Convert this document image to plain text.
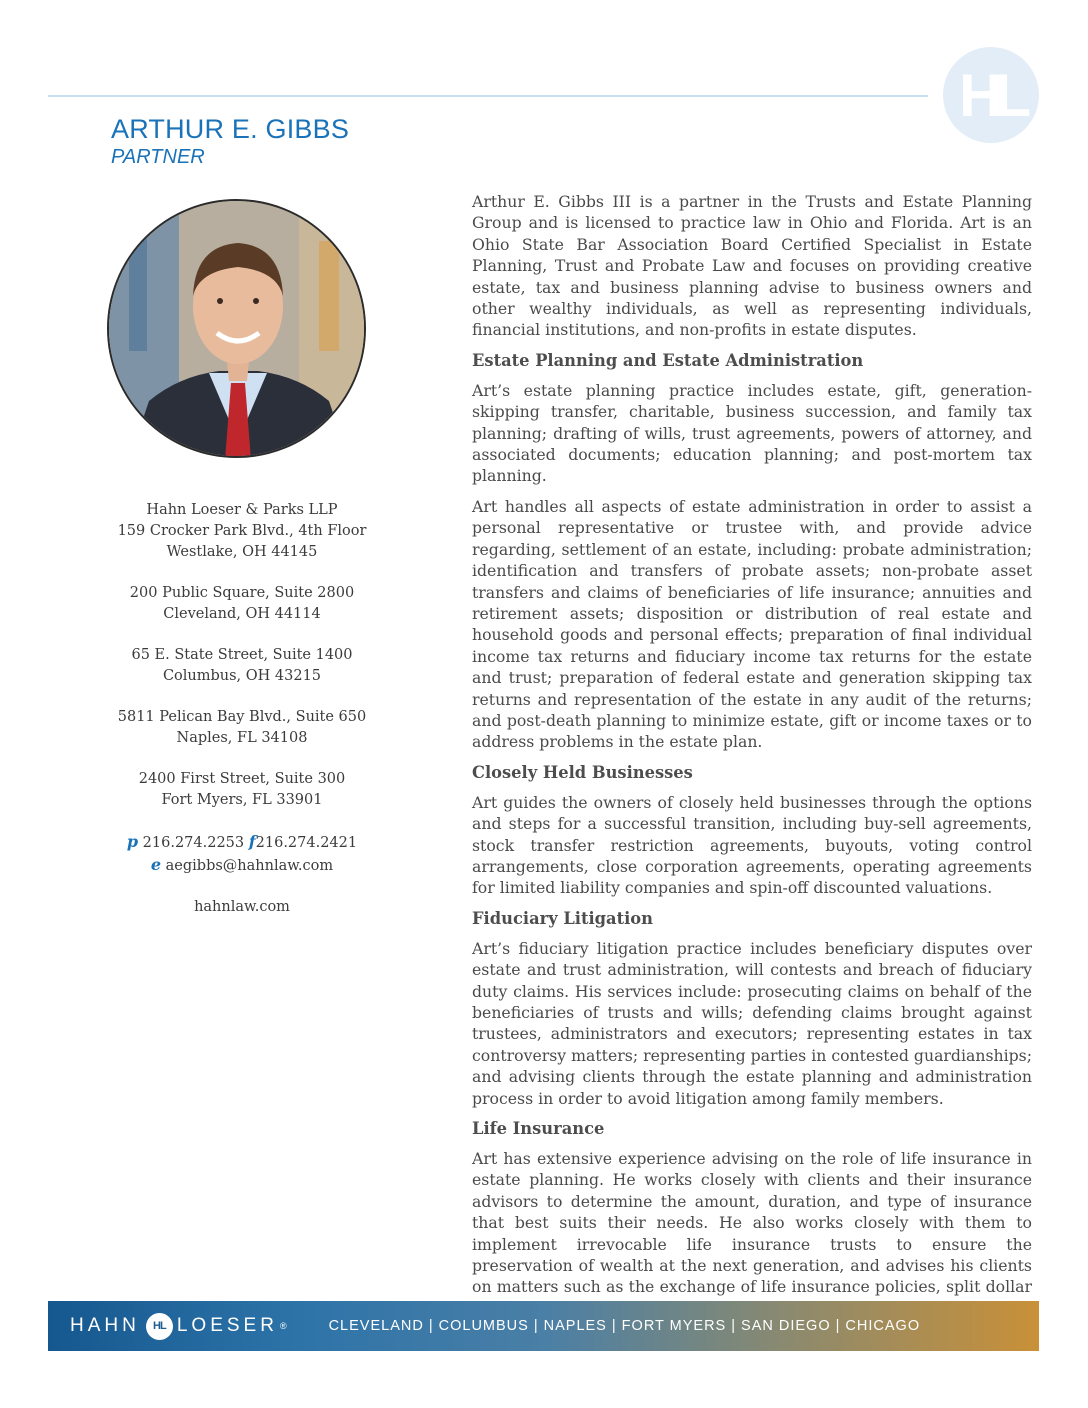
HL
ARTHUR E. GIBBS
PARTNER
Hahn Loeser & Parks LLP
159 Crocker Park Blvd., 4th Floor
Westlake, OH 44145
200 Public Square, Suite 2800
Cleveland, OH 44114
65 E. State Street, Suite 1400
Columbus, OH 43215
5811 Pelican Bay Blvd., Suite 650
Naples, FL 34108
2400 First Street, Suite 300
Fort Myers, FL 33901
p 216.274.2253 f216.274.2421
e aegibbs@hahnlaw.com
hahnlaw.com

Arthur E. Gibbs III is a partner in the Trusts and Estate Planning Group and is licensed to practice law in Ohio and Florida. Art is an Ohio State Bar Association Board Certified Specialist in Estate Planning, Trust and Probate Law and focuses on providing creative estate, tax and business planning advise to business owners and other wealthy individuals, as well as representing individuals, financial institutions, and non-profits in estate disputes.

Estate Planning and Estate Administration

Art’s estate planning practice includes estate, gift, generation-skipping transfer, charitable, business succession, and family tax planning; drafting of wills, trust agreements, powers of attorney, and associated documents; education planning; and post-mortem tax planning.

Art handles all aspects of estate administration in order to assist a personal representative or trustee with, and provide advice regarding, settlement of an estate, including: probate administration; identification and transfers of probate assets; non-probate asset transfers and claims of beneficiaries of life insurance; annuities and retirement assets; disposition or distribution of real estate and household goods and personal effects; preparation of final individual income tax returns and fiduciary income tax returns for the estate and trust; preparation of federal estate and generation skipping tax returns and representation of the estate in any audit of the returns; and post-death planning to minimize estate, gift or income taxes or to address problems in the estate plan.

Closely Held Businesses

Art guides the owners of closely held businesses through the options and steps for a successful transition, including buy-sell agreements, stock transfer restriction agreements, buyouts, voting control arrangements, close corporation agreements, operating agreements for limited liability companies and spin-off discounted valuations.

Fiduciary Litigation

Art’s fiduciary litigation practice includes beneficiary disputes over estate and trust administration, will contests and breach of fiduciary duty claims. His services include: prosecuting claims on behalf of the beneficiaries of trusts and wills; defending claims brought against trustees, administrators and executors; representing estates in tax controversy matters; representing parties in contested guardianships; and advising clients through the estate planning and administration process in order to avoid litigation among family members.

Life Insurance

Art has extensive experience advising on the role of life insurance in estate planning. He works closely with clients and their insurance advisors to determine the amount, duration, and type of insurance that best suits their needs. He also works closely with them to implement irrevocable life insurance trusts to ensure the preservation of wealth at the next generation, and advises his clients on matters such as the exchange of life insurance policies, split dollar

HAHN	HL LOESER ®	CLEVELAND | COLUMBUS | NAPLES | FORT MYERS | SAN DIEGO | CHICAGO
